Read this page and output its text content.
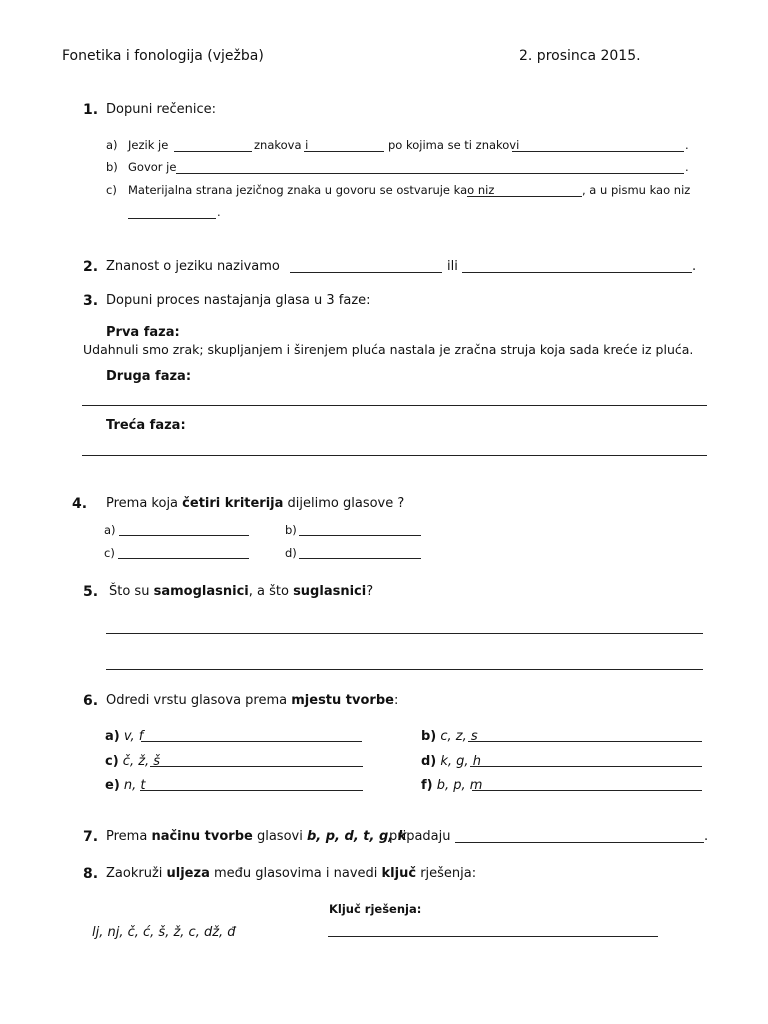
Fonetika i fonologija (vježba)	2. prosinca 2015.
1. Dopuni rečenice:
a) Jezik je	znakova i	po kojima se ti znakovi	.
b) Govor je	.
c) Materijalna strana jezičnog znaka u govoru se ostvaruje kao niz	, a u pismu kao niz
.
2. Znanost o jeziku nazivamo	ili	.
3. Dopuni proces nastajanja glasa u 3 faze:
Prva faza:
Udahnuli smo zrak; skupljanjem i širenjem pluća nastala je zračna struja koja sada kreće iz pluća.
Druga faza:
Treća faza:
4. Prema koja četiri kriterija dijelimo glasove ?
a)	b)
c)	d)
5. Što su samoglasnici, a što suglasnici?
6. Odredi vrstu glasova prema mjestu tvorbe:
a) v, f	b) c, z, s
c) č, ž, š	d) k, g, h
e) n, t	f) b, p, m
7. Prema načinu tvorbe glasovi b, p, d, t, g, k
pripadaju	.
8. Zaokruži uljeza među glasovima i navedi ključ rješenja:
Ključ rješenja:
lj, nj, č, ć, š, ž, c, dž, đ
